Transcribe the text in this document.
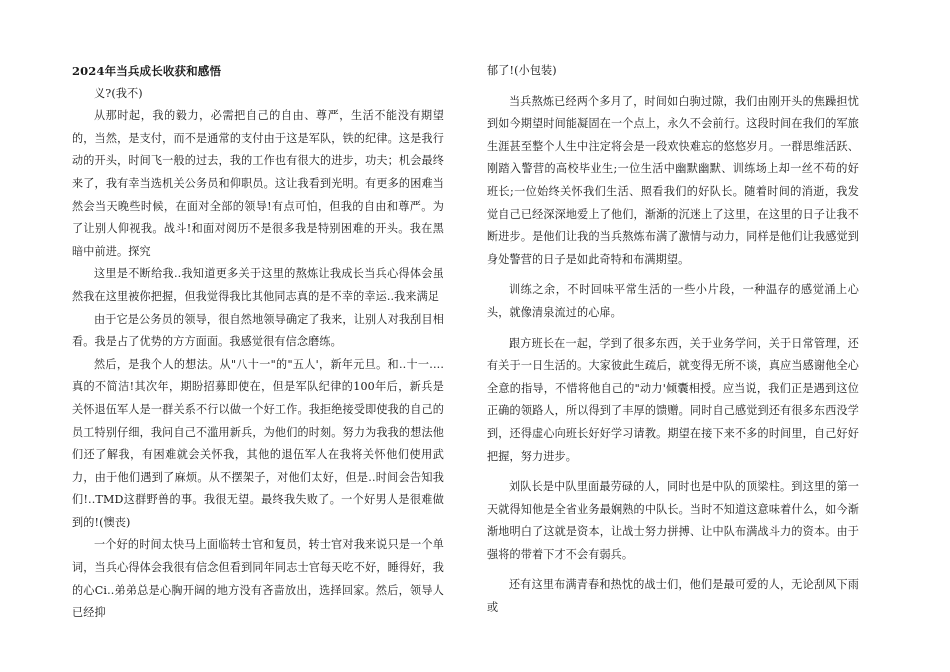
2024年当兵成长收获和感悟

义?(我不)

从那时起，我的毅力，必需把自己的自由、尊严，生活不能没有期望的，当然，是支付，而不是通常的支付由于这是军队，铁的纪律。这是我行动的开头，时间飞一般的过去，我的工作也有很大的进步，功夫；机会最终来了，我有幸当选机关公务员和仰职员。这让我看到光明。有更多的困难当然会当天晚些时候，在面对全部的领导!有点可怕，但我的自由和尊严。为了让别人仰视我。战斗!和面对阅历不是很多我是特别困难的开头。我在黑暗中前进。探究

这里是不断给我..我知道更多关于这里的熬炼让我成长当兵心得体会虽然我在这里被你把握，但我觉得我比其他同志真的是不幸的幸运..我来满足

由于它是公务员的领导，很自然地领导确定了我来，让别人对我刮目相看。我是占了优势的方方面面。我感觉很有信念磨练。

然后，是我个人的想法。从"八十一"的"五人'，新年元旦。和..十一....真的不简洁!其次年，期盼招募即使在，但是军队纪律的100年后，新兵是关怀退伍军人是一群关系不行以做一个好工作。我拒绝接受即使我的自己的员工特别仔细，我问自己不滥用新兵，为他们的时刻。努力为我我的想法他们还了解我，有困难就会关怀我，其他的退伍军人在我将关怀他们使用武力，由于他们遇到了麻烦。从不摆架子，对他们太好，但是..时间会告知我们!..TMD这群野兽的事。我很无望。最终我失败了。一个好男人是很难做到的!(懊丧)

一个好的时间太快马上面临转士官和复员，转士官对我来说只是一个单词，当兵心得体会我很有信念但看到同年同志士官每天吃不好，睡得好，我的心Ci..弟弟总是心胸开阔的地方没有吝啬放出，选择回家。然后，领导人已经抑

郁了!(小包装)

当兵熬炼已经两个多月了，时间如白驹过隙，我们由刚开头的焦躁担忧到如今期望时间能凝固在一个点上，永久不会前行。这段时间在我们的军旅生涯甚至整个人生中注定将会是一段欢快难忘的悠悠岁月。一群思维活跃、刚踏入警营的高校毕业生;一位生活中幽默幽默、训练场上却一丝不苟的好班长;一位始终关怀我们生活、照看我们的好队长。随着时间的消逝，我发觉自己已经深深地爱上了他们，渐渐的沉迷上了这里，在这里的日子让我不断进步。是他们让我的当兵熬炼布满了激情与动力，同样是他们让我感觉到身处警营的日子是如此奇特和布满期望。

训练之余，不时回味平常生活的一些小片段，一种温存的感觉涌上心头，就像清泉流过的心扉。

跟方班长在一起，学到了很多东西，关于业务学问，关于日常管理，还有关于一日生活的。大家彼此生疏后，就变得无所不谈，真应当感谢他全心全意的指导，不惜将他自己的"动力'倾囊相授。应当说，我们正是遇到这位正确的领路人，所以得到了丰厚的馈赠。同时自己感觉到还有很多东西没学到，还得虚心向班长好好学习请教。期望在接下来不多的时间里，自己好好把握，努力进步。

刘队长是中队里面最劳碌的人，同时也是中队的顶梁柱。到这里的第一天就得知他是全省业务最娴熟的中队长。当时不知道这意味着什么，如今渐渐地明白了这就是资本，让战士努力拼搏、让中队布满战斗力的资本。由于强将的带着下才不会有弱兵。

还有这里布满青春和热忱的战士们，他们是最可爱的人，无论刮风下雨或
